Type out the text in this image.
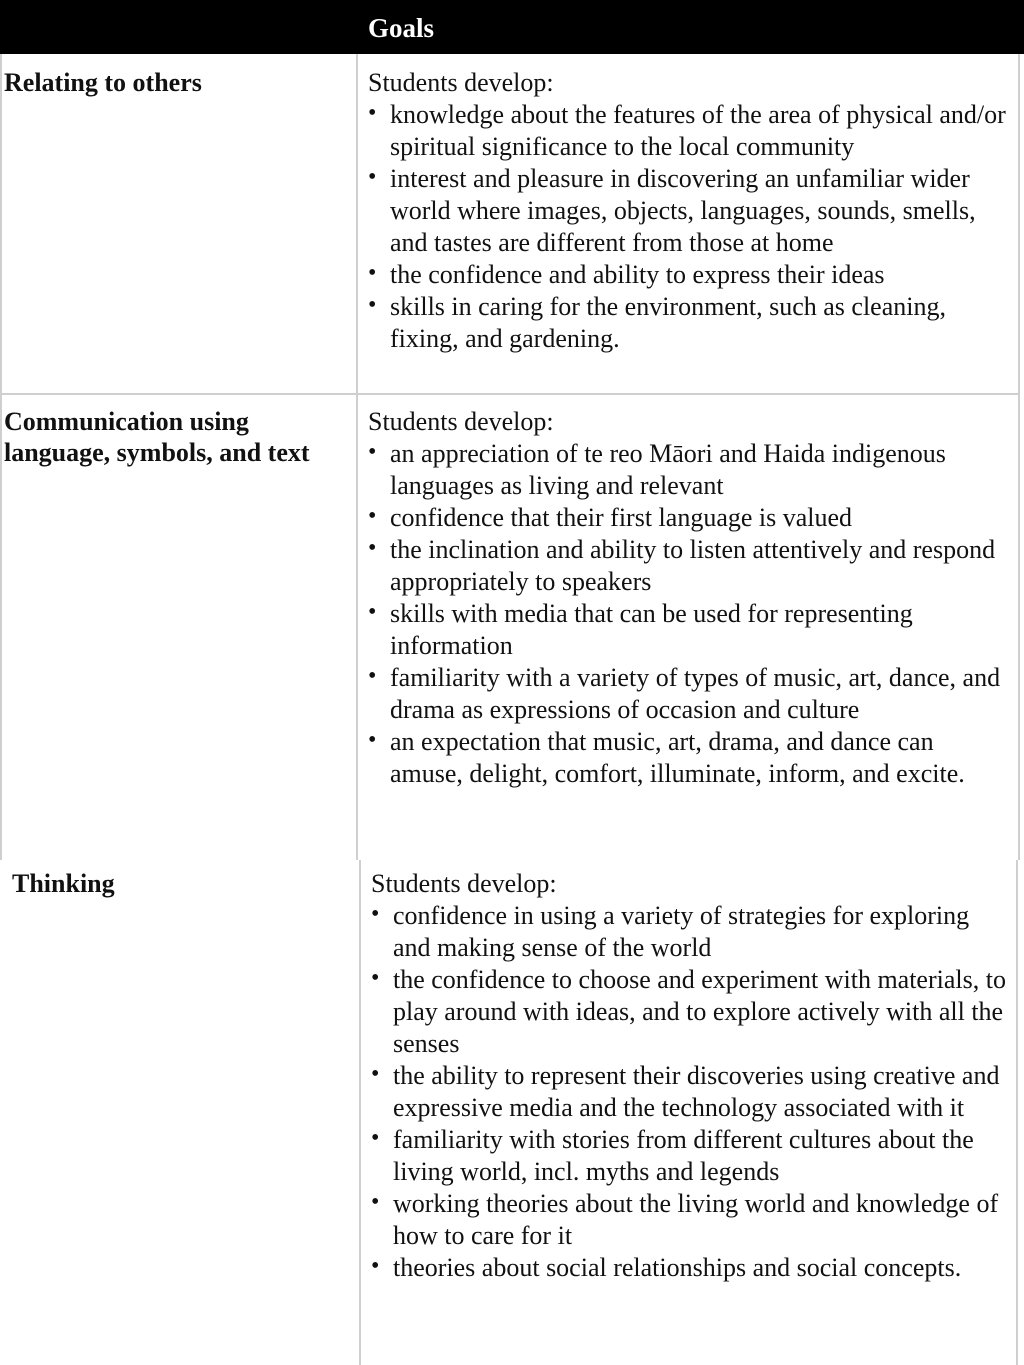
Goals
Relating to others	Students develop:
• knowledge about the features of the area of physical and/or spiritual significance to the local community
• interest and pleasure in discovering an unfamiliar wider world where images, objects, languages, sounds, smells, and tastes are different from those at home
• the confidence and ability to express their ideas
• skills in caring for the environment, such as cleaning, fixing, and gardening.
Communication using language, symbols, and text
Students develop:
• an appreciation of te reo Māori and Haida indigenous languages as living and relevant
• confidence that their first language is valued
• the inclination and ability to listen attentively and respond appropriately to speakers
• skills with media that can be used for representing information
• familiarity with a variety of types of music, art, dance, and drama as expressions of occasion and culture
• an expectation that music, art, drama, and dance can amuse, delight, comfort, illuminate, inform, and excite.
Thinking	Students develop:
• confidence in using a variety of strategies for exploring and making sense of the world
• the confidence to choose and experiment with materials, to play around with ideas, and to explore actively with all the senses
• the ability to represent their discoveries using creative and expressive media and the technology associated with it
• familiarity with stories from different cultures about the living world, incl. myths and legends
• working theories about the living world and knowledge of how to care for it
• theories about social relationships and social concepts.
